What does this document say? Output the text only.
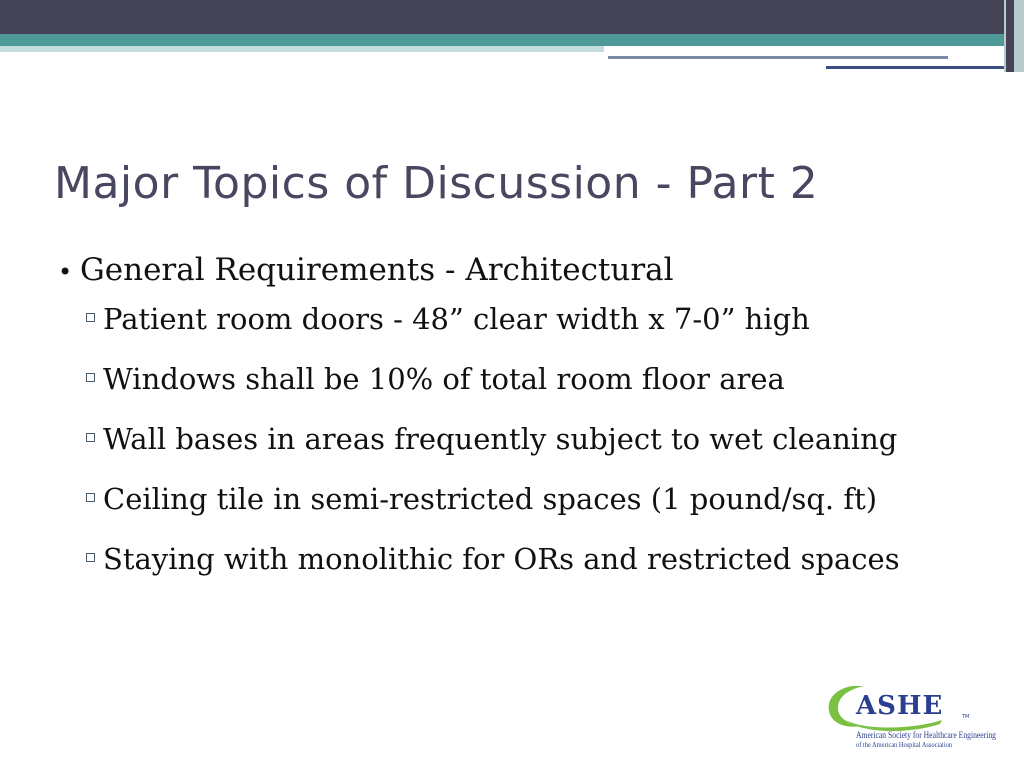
Major Topics of Discussion - Part 2
• General Requirements - Architectural
Patient room doors - 48” clear width x 7-0” high
Windows shall be 10% of total room floor area
Wall bases in areas frequently subject to wet cleaning
Ceiling tile in semi-restricted spaces (1 pound/sq. ft)
Staying with monolithic for ORs and restricted spaces
ASHE	TM
American Society for Healthcare Engineering
of the American Hospital Association
